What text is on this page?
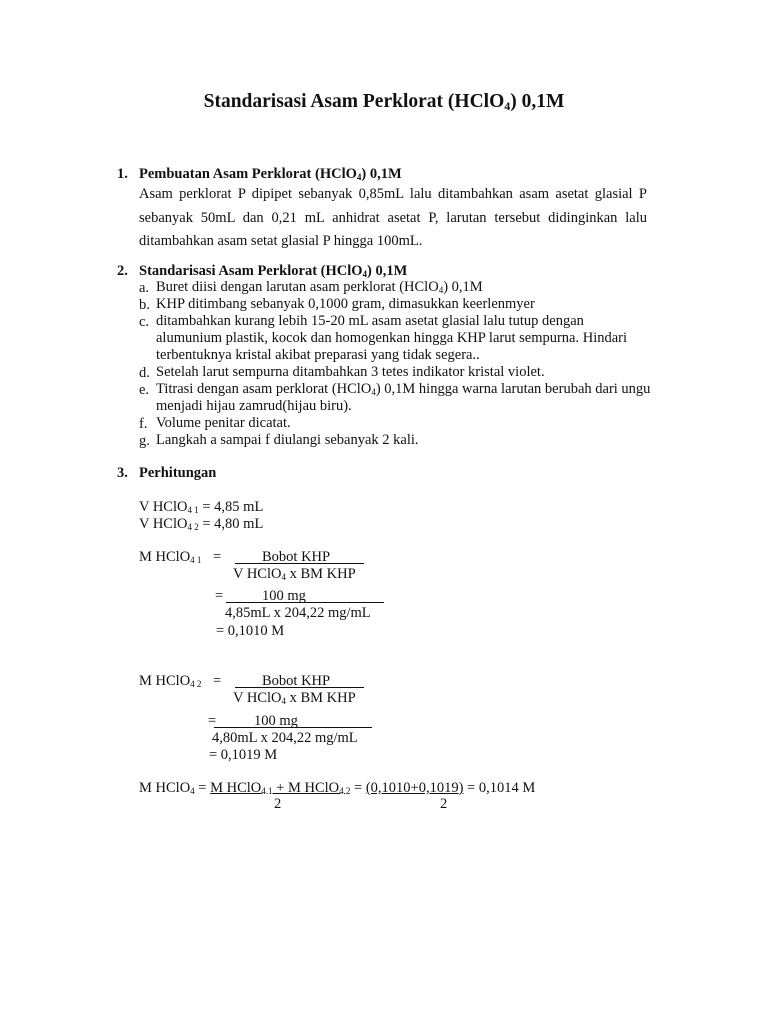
Standarisasi Asam Perklorat (HClO$_4$) 0,1M
1. Pembuatan Asam Perklorat (HClO$_4$) 0,1M
Asam perklorat P dipipet sebanyak 0,85mL lalu ditambahkan asam asetat glasial P sebanyak 50mL dan 0,21 mL anhidrat asetat P, larutan tersebut didinginkan lalu ditambahkan asam setat glasial P hingga 100mL.
2. Standarisasi Asam Perklorat (HClO$_4$) 0,1M
a. Buret diisi dengan larutan asam perklorat (HClO$_4$) 0,1M
b. KHP ditimbang sebanyak 0,1000 gram, dimasukkan keerlenmyer
c. ditambahkan kurang lebih 15-20 mL asam asetat glasial lalu tutup dengan alumunium plastik, kocok dan homogenkan hingga KHP larut sempurna. Hindari terbentuknya kristal akibat preparasi yang tidak segera..
d. Setelah larut sempurna ditambahkan 3 tetes indikator kristal violet.
e. Titrasi dengan asam perklorat (HClO$_4$) 0,1M hingga warna larutan berubah dari ungu menjadi hijau zamrud(hijau biru).
f. Volume penitar dicatat.
g. Langkah a sampai f diulangi sebanyak 2 kali.
3. Perhitungan
V HClO$_{4 1}$ = 4,85 mL
V HClO$_{4 2}$ = 4,80 mL
M HClO$_{4 1}$ =	Bobot KHP
V HClO$_4$ x BM KHP
=	100 mg
4,85mL x 204,22 mg/mL
= 0,1010 M
M HClO$_{4 2}$ =	Bobot KHP
V HClO$_4$ x BM KHP
=	100 mg
4,80mL x 204,22 mg/mL
= 0,1019 M
M HClO$_4$ = M HClO$_{4 1}$ + M HClO$_{4 2}$ = (0,1010+0,1019) = 0,1014 M
2	2
